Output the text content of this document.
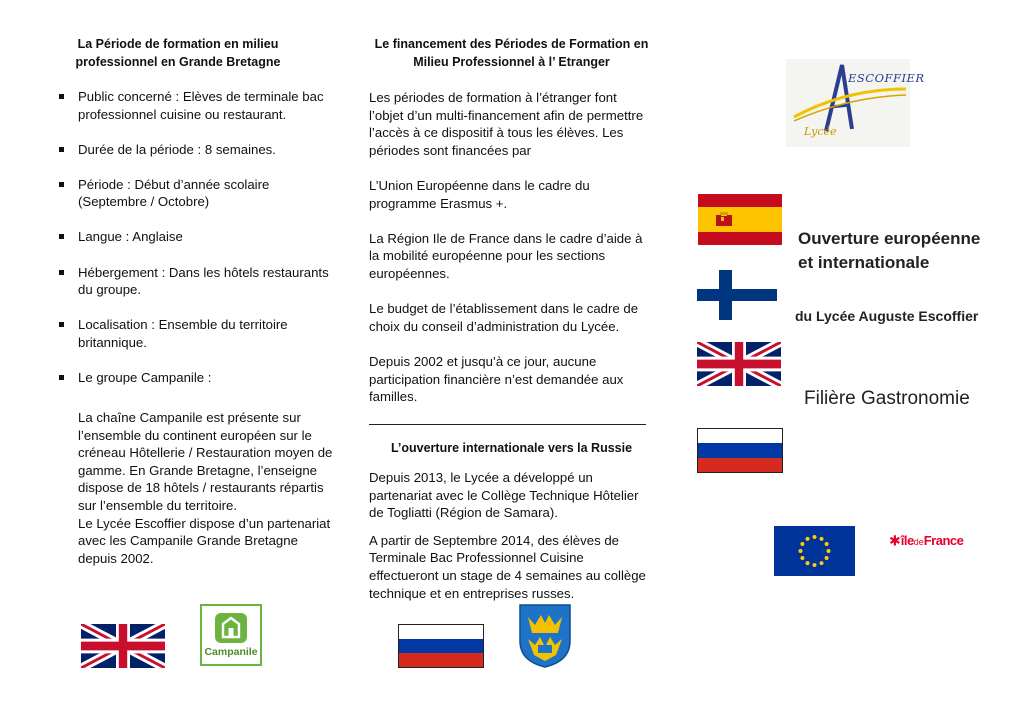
La Période de formation en milieu professionnel en Grande Bretagne
Public concerné : Elèves de terminale bac professionnel cuisine ou restaurant.
Durée de la période : 8 semaines.
Période : Début d’année scolaire (Septembre / Octobre)
Langue : Anglaise
Hébergement : Dans les hôtels restaurants du groupe.
Localisation : Ensemble du territoire britannique.
Le groupe Campanile :
La chaîne Campanile est présente sur l’ensemble du continent européen sur le créneau Hôtellerie / Restauration moyen de gamme. En Grande Bretagne, l’enseigne dispose de 18 hôtels / restaurants répartis sur l’ensemble du territoire.
Le Lycée Escoffier dispose d’un partenariat avec les Campanile Grande Bretagne depuis 2002.
Campanile
Le financement des Périodes de Formation en Milieu Professionnel à l’ Etranger

Les périodes de formation à l’étranger font l’objet d’un multi-financement afin de permettre l’accès à ce dispositif à tous les élèves. Les périodes sont financées par

L’Union Européenne dans le cadre du programme Erasmus +.

La Région Ile de France dans le cadre d’aide à la mobilité européenne pour les sections européennes.

Le budget de l’établissement dans le cadre de choix du conseil d’administration du Lycée.

Depuis 2002 et jusqu’à ce jour, aucune participation financière n’est demandée aux familles.

L’ouverture internationale vers la Russie

Depuis 2013, le Lycée a développé un partenariat avec le Collège Technique Hôtelier de Togliatti (Région de Samara).

A partir de Septembre 2014, des élèves de Terminale Bac Professionnel Cuisine effectueront un stage de 4 semaines au collège technique et en entreprises russes.

ESCOFFIER
Lycée
Ouverture européenne
et internationale
du Lycée Auguste Escoffier
Filière Gastronomie
✱îledeFrance
